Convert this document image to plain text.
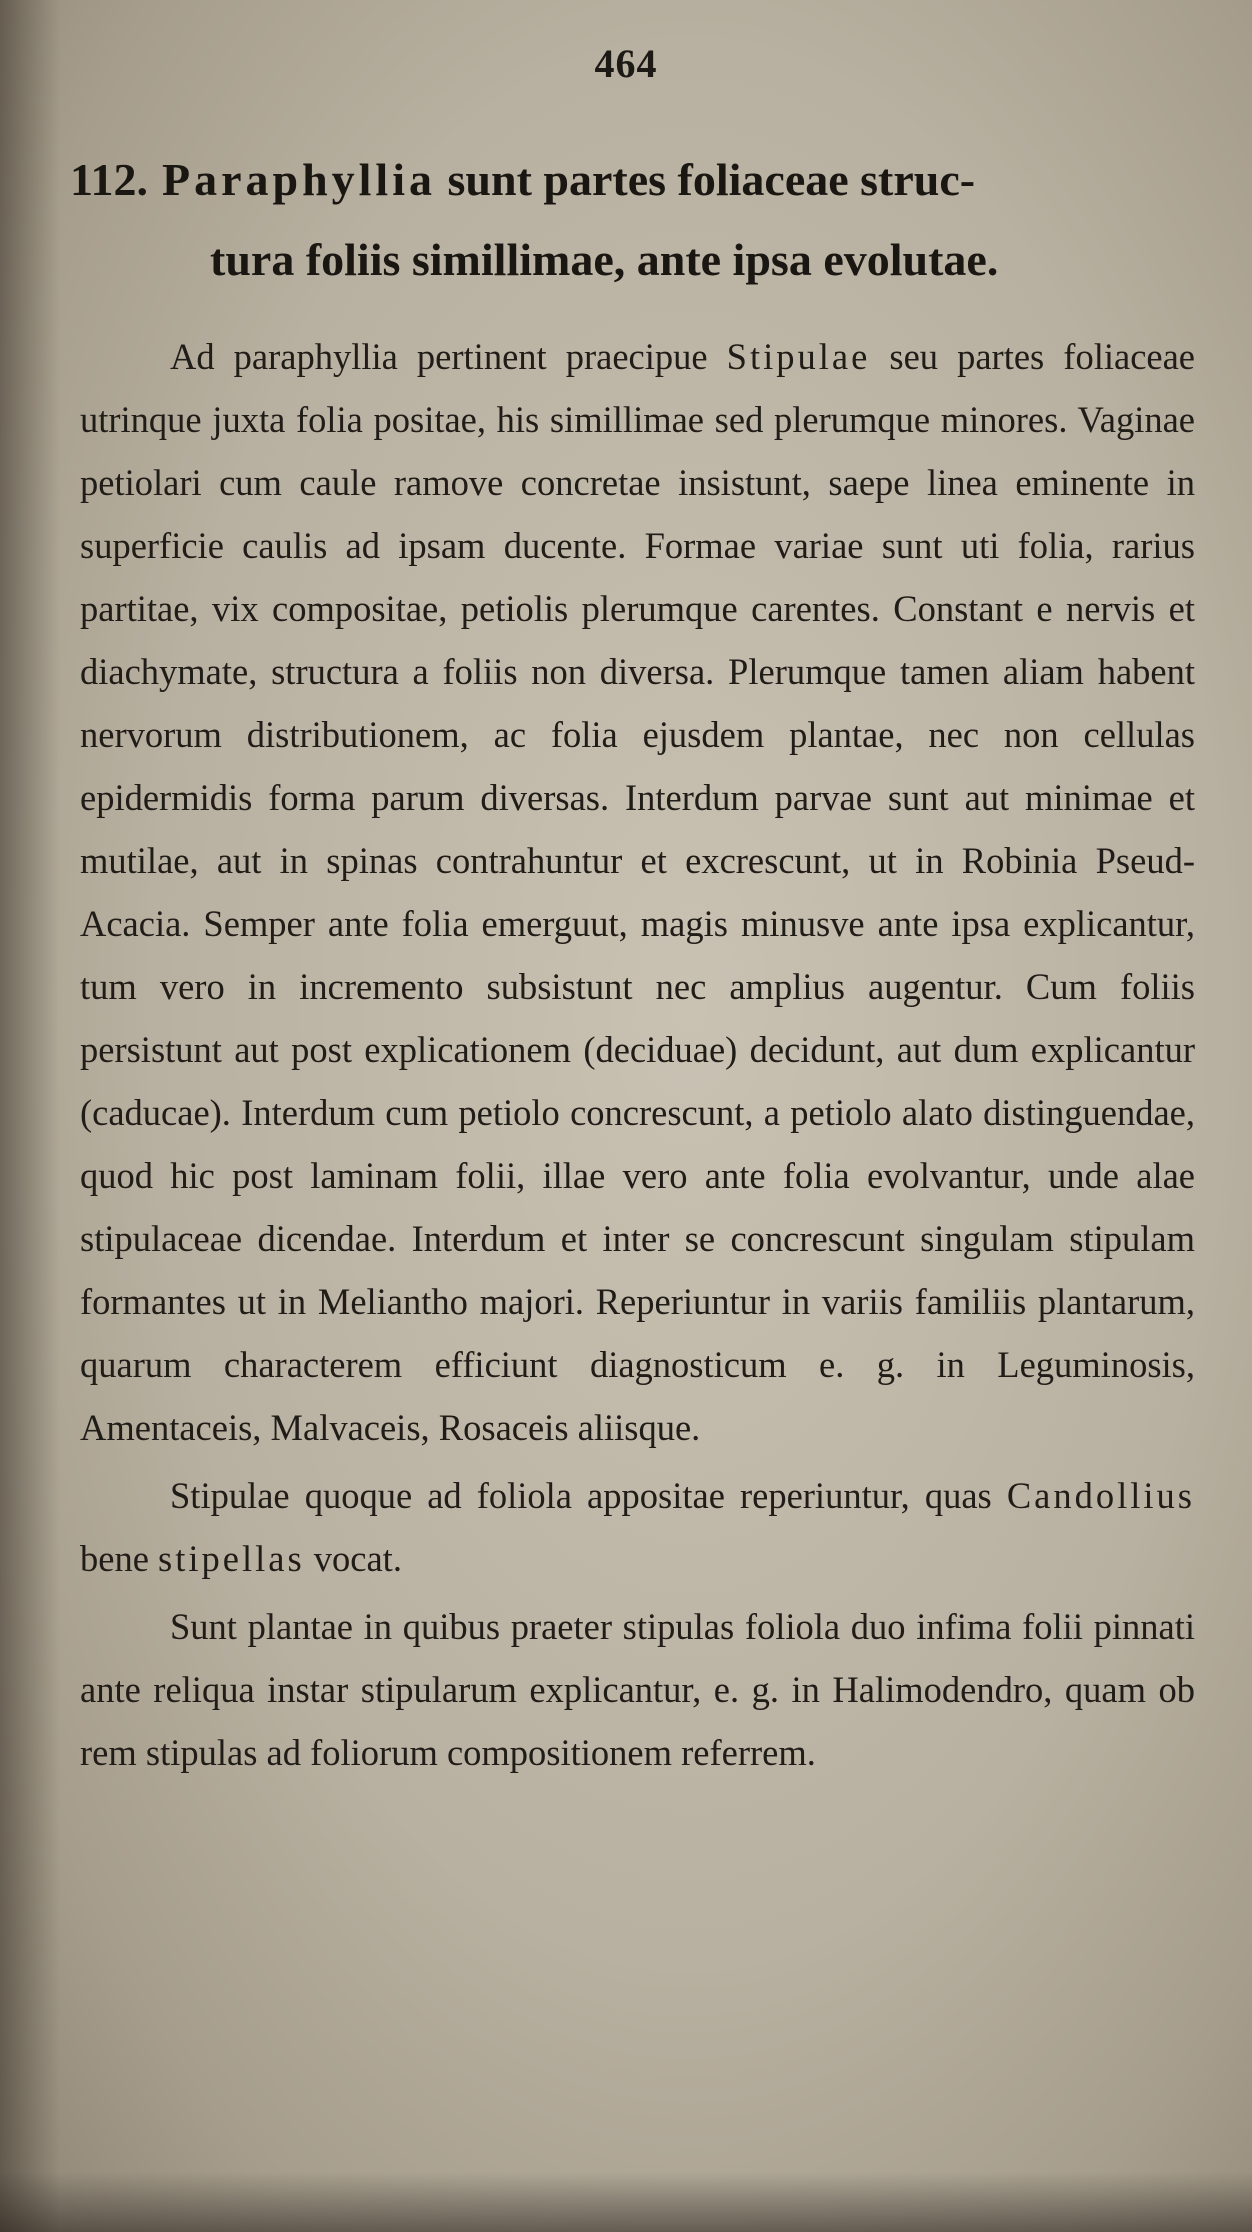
464
112. Paraphyllia sunt partes foliaceae struc-
tura foliis simillimae, ante ipsa evolutae.

Ad paraphyllia pertinent praecipue Stipulae seu partes foliaceae utrinque juxta folia positae, his simillimae sed plerumque minores. Vaginae petiolari cum caule ramove concretae insistunt, saepe linea eminente in superficie caulis ad ipsam ducente. Formae variae sunt uti folia, rarius partitae, vix compositae, petiolis plerumque carentes. Constant e nervis et diachymate, structura a foliis non diversa. Plerumque tamen aliam habent nervorum distributionem, ac folia ejusdem plantae, nec non cellulas epidermidis forma parum diversas. Interdum parvae sunt aut minimae et mutilae, aut in spinas contrahuntur et excrescunt, ut in Robinia Pseud-Acacia. Semper ante folia emerguut, magis minusve ante ipsa explicantur, tum vero in incremento subsistunt nec amplius augentur. Cum foliis persistunt aut post explicationem (deciduae) decidunt, aut dum explicantur (caducae). Interdum cum petiolo concrescunt, a petiolo alato distinguendae, quod hic post laminam folii, illae vero ante folia evolvantur, unde alae stipulaceae dicendae. Interdum et inter se concrescunt singulam stipulam formantes ut in Melianthο majori. Reperiuntur in variis familiis plantarum, quarum characterem efficiunt diagnosticum e. g. in Leguminosis, Amentaceis, Malvaceis, Rosaceis aliisque.

Stipulae quoque ad foliola appositae reperiuntur, quas Candollius bene stipellas vocat.

Sunt plantae in quibus praeter stipulas foliola duo infima folii pinnati ante reliqua instar stipularum explicantur, e. g. in Halimodendro, quam ob rem stipulas ad foliorum compositionem referrem.
